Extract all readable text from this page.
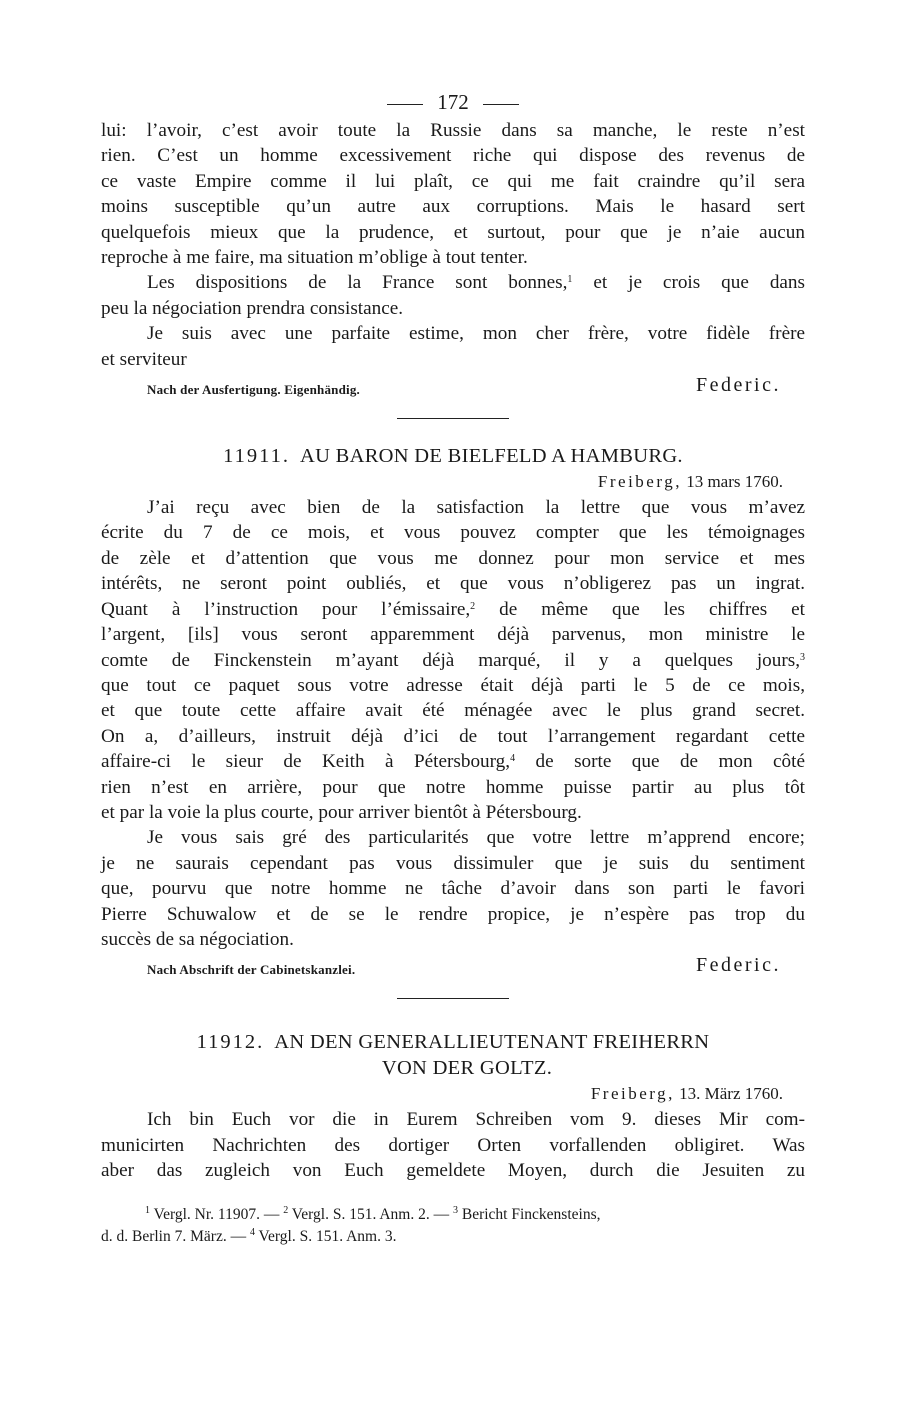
172
lui: l’avoir, c’est avoir toute la Russie dans sa manche, le reste n’est
rien. C’est un homme excessivement riche qui dispose des revenus de
ce vaste Empire comme il lui plaît, ce qui me fait craindre qu’il sera
moins susceptible qu’un autre aux corruptions. Mais le hasard sert
quelquefois mieux que la prudence, et surtout, pour que je n’aie aucun
reproche à me faire, ma situation m’oblige à tout tenter.
Les dispositions de la France sont bonnes,$^1$ et je crois que dans
peu la négociation prendra consistance.
Je suis avec une parfaite estime, mon cher frère, votre fidèle frère
et serviteur
Nach der Ausfertigung. Eigenhändig.	Federic.
11911. AU BARON DE BIELFELD A HAMBURG.
Freiberg, 13 mars 1760.
J’ai reçu avec bien de la satisfaction la lettre que vous m’avez
écrite du 7 de ce mois, et vous pouvez compter que les témoignages
de zèle et d’attention que vous me donnez pour mon service et mes
intérêts, ne seront point oubliés, et que vous n’obligerez pas un ingrat.
Quant à l’instruction pour l’émissaire,$^2$ de même que les chiffres et
l’argent, [ils] vous seront apparemment déjà parvenus, mon ministre le
comte de Finckenstein m’ayant déjà marqué, il y a quelques jours,$^3$
que tout ce paquet sous votre adresse était déjà parti le 5 de ce mois,
et que toute cette affaire avait été ménagée avec le plus grand secret.
On a, d’ailleurs, instruit déjà d’ici de tout l’arrangement regardant cette
affaire-ci le sieur de Keith à Pétersbourg,$^4$ de sorte que de mon côté
rien n’est en arrière, pour que notre homme puisse partir au plus tôt
et par la voie la plus courte, pour arriver bientôt à Pétersbourg.
Je vous sais gré des particularités que votre lettre m’apprend encore;
je ne saurais cependant pas vous dissimuler que je suis du sentiment
que, pourvu que notre homme ne tâche d’avoir dans son parti le favori
Pierre Schuwalow et de se le rendre propice, je n’espère pas trop du
succès de sa négociation.
Nach Abschrift der Cabinetskanzlei.	Federic.
11912. AN DEN GENERALLIEUTENANT FREIHERRN
VON DER GOLTZ.
Freiberg, 13. März 1760.
Ich bin Euch vor die in Eurem Schreiben vom 9. dieses Mir com-
municirten Nachrichten des dortiger Orten vorfallenden obligiret. Was
aber das zugleich von Euch gemeldete Moyen, durch die Jesuiten zu
$^1$ Vergl. Nr. 11907. — $^2$ Vergl. S. 151. Anm. 2. — $^3$ Bericht Finckensteins,
d. d. Berlin 7. März. — $^4$ Vergl. S. 151. Anm. 3.
